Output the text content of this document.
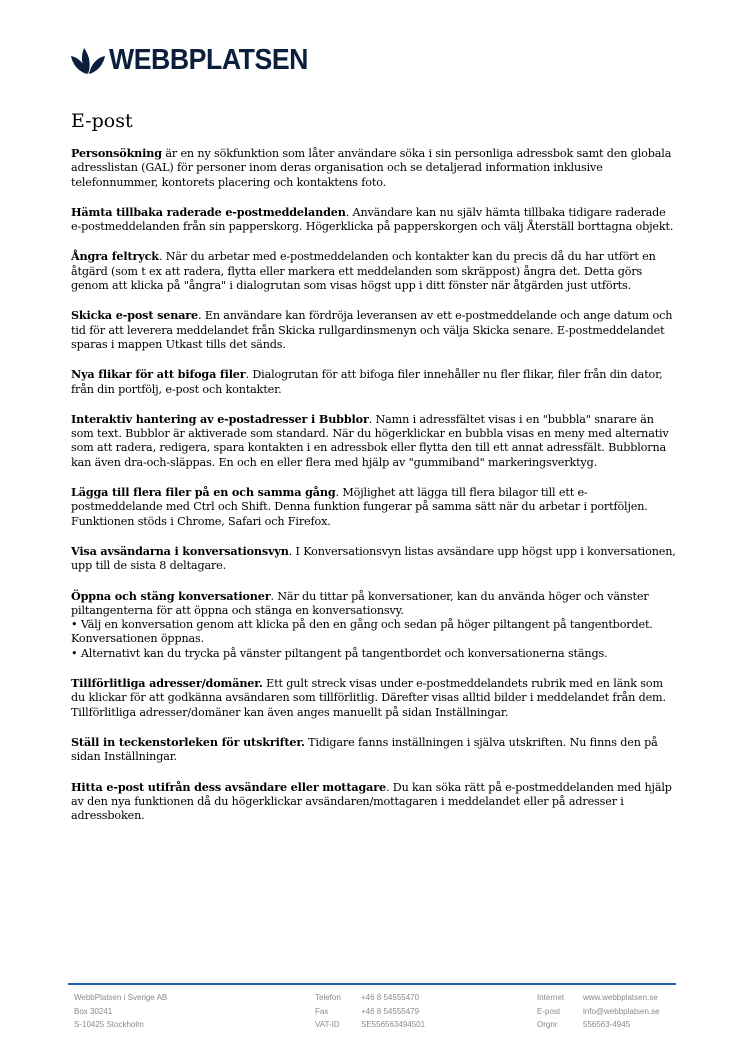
WEBBPLATSEN
E-post

Personsökning är en ny sökfunktion som låter användare söka i sin personliga adressbok samt den globala adresslistan (GAL) för personer inom deras organisation och se detaljerad information inklusive telefonnummer, kontorets placering och kontaktens foto.

Hämta tillbaka raderade e-postmeddelanden. Användare kan nu själv hämta tillbaka tidigare raderade e-postmeddelanden från sin papperskorg. Högerklicka på papperskorgen och välj Återställ borttagna objekt.

Ångra feltryck. När du arbetar med e-postmeddelanden och kontakter kan du precis då du har utfört en åtgärd (som t ex att radera, flytta eller markera ett meddelanden som skräppost) ångra det. Detta görs genom att klicka på "ångra" i dialogrutan som visas högst upp i ditt fönster när åtgärden just utförts.

Skicka e-post senare. En användare kan fördröja leveransen av ett e-postmeddelande och ange datum och tid för att leverera meddelandet från Skicka rullgardinsmenyn och välja Skicka senare. E-postmeddelandet sparas i mappen Utkast tills det sänds.

Nya flikar för att bifoga filer. Dialogrutan för att bifoga filer innehåller nu fler flikar, filer från din dator, från din portfölj, e-post och kontakter.

Interaktiv hantering av e-postadresser i Bubblor. Namn i adressfältet visas i en "bubbla" snarare än som text. Bubblor är aktiverade som standard. När du högerklickar en bubbla visas en meny med alternativ som att radera, redigera, spara kontakten i en adressbok eller flytta den till ett annat adressfält. Bubblorna kan även dra-och-släppas. En och en eller flera med hjälp av "gummiband" markeringsverktyg.

Lägga till flera filer på en och samma gång. Möjlighet att lägga till flera bilagor till ett e-postmeddelande med Ctrl och Shift. Denna funktion fungerar på samma sätt när du arbetar i portföljen. Funktionen stöds i Chrome, Safari och Firefox.

Visa avsändarna i konversationsvyn. I Konversationsvyn listas avsändare upp högst upp i konversationen, upp till de sista 8 deltagare.

Öppna och stäng konversationer. När du tittar på konversationer, kan du använda höger och vänster piltangenterna för att öppna och stänga en konversationsvy.
• Välj en konversation genom att klicka på den en gång och sedan på höger piltangent på tangentbordet. Konversationen öppnas.
• Alternativt kan du trycka på vänster piltangent på tangentbordet och konversationerna stängs.

Tillförlitliga adresser/domäner. Ett gult streck visas under e-postmeddelandets rubrik med en länk som du klickar för att godkänna avsändaren som tillförlitlig. Därefter visas alltid bilder i meddelandet från dem. Tillförlitliga adresser/domäner kan även anges manuellt på sidan Inställningar.

Ställ in teckenstorleken för utskrifter. Tidigare fanns inställningen i själva utskriften. Nu finns den på sidan Inställningar.

Hitta e-post utifrån dess avsändare eller mottagare. Du kan söka rätt på e-postmeddelanden med hjälp av den nya funktionen då du högerklickar avsändaren/mottagaren i meddelandet eller på adresser i adressboken.

WebbPlatsen i Sverige AB
Box 30241
S-10425 Stockholm
Telefon	+46 8 54555470
Fax	+46 8 54555479
VAT-ID	SE556563494501
Internet	www.webbplatsen.se
E-post	info@webbplatsen.se
Orgnr	556563-4945
